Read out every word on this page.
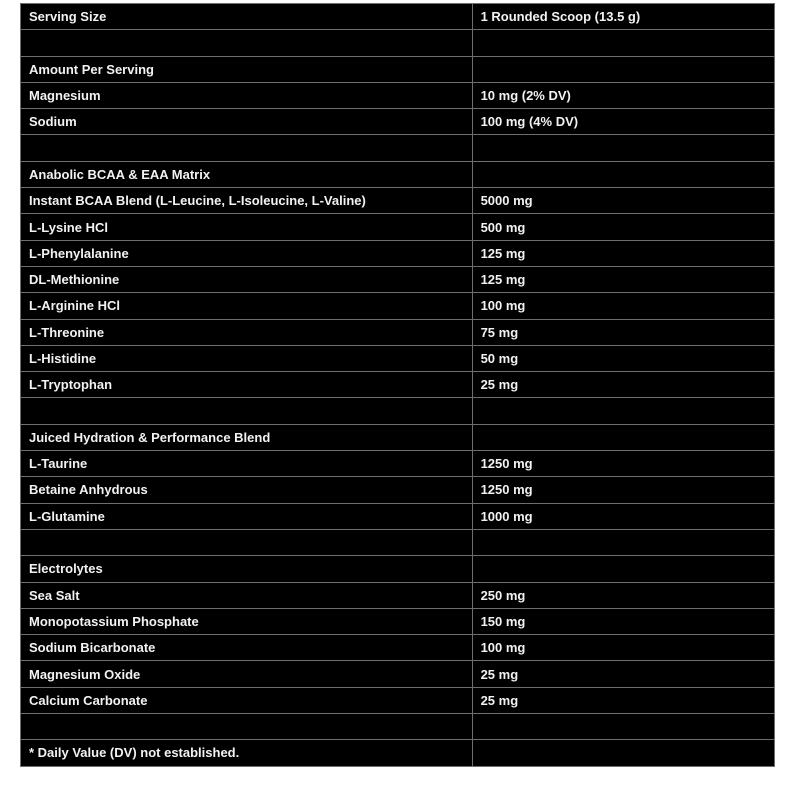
Serving Size	1 Rounded Scoop (13.5 g)

Amount Per Serving	
Magnesium	10 mg (2% DV)
Sodium	100 mg (4% DV)

Anabolic BCAA & EAA Matrix	
Instant BCAA Blend (L-Leucine, L-Isoleucine, L-Valine)	5000 mg
L-Lysine HCl	500 mg
L-Phenylalanine	125 mg
DL-Methionine	125 mg
L-Arginine HCl	100 mg
L-Threonine	75 mg
L-Histidine	50 mg
L-Tryptophan	25 mg

Juiced Hydration & Performance Blend	
L-Taurine	1250 mg
Betaine Anhydrous	1250 mg
L-Glutamine	1000 mg

Electrolytes	
Sea Salt	250 mg
Monopotassium Phosphate	150 mg
Sodium Bicarbonate	100 mg
Magnesium Oxide	25 mg
Calcium Carbonate	25 mg

* Daily Value (DV) not established.	
